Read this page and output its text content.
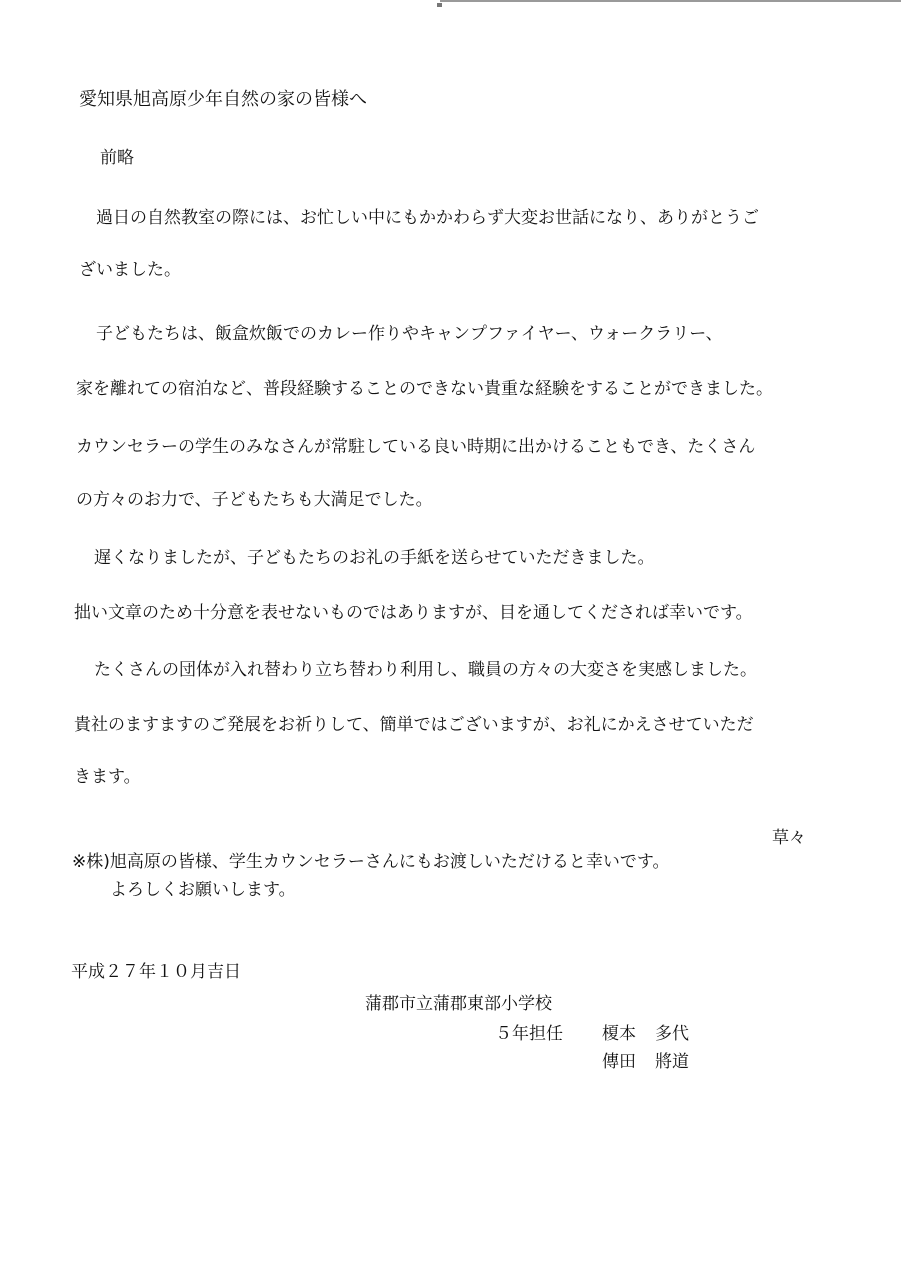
愛知県旭高原少年自然の家の皆様へ
前略
過日の自然教室の際には、お忙しい中にもかかわらず大変お世話になり、ありがとうご
ざいました。
子どもたちは、飯盒炊飯でのカレー作りやキャンプファイヤー、ウォークラリー、
家を離れての宿泊など、普段経験することのできない貴重な経験をすることができました。
カウンセラーの学生のみなさんが常駐している良い時期に出かけることもでき、たくさん
の方々のお力で、子どもたちも大満足でした。
遅くなりましたが、子どもたちのお礼の手紙を送らせていただきました。
拙い文章のため十分意を表せないものではありますが、目を通してくだされば幸いです。
たくさんの団体が入れ替わり立ち替わり利用し、職員の方々の大変さを実感しました。
貴社のますますのご発展をお祈りして、簡単ではございますが、お礼にかえさせていただ
きます。
草々
※株)旭高原の皆様、学生カウンセラーさんにもお渡しいただけると幸いです。
よろしくお願いします。
平成２７年１０月吉日
蒲郡市立蒲郡東部小学校
５年担任 榎本 多代
傳田 將道
